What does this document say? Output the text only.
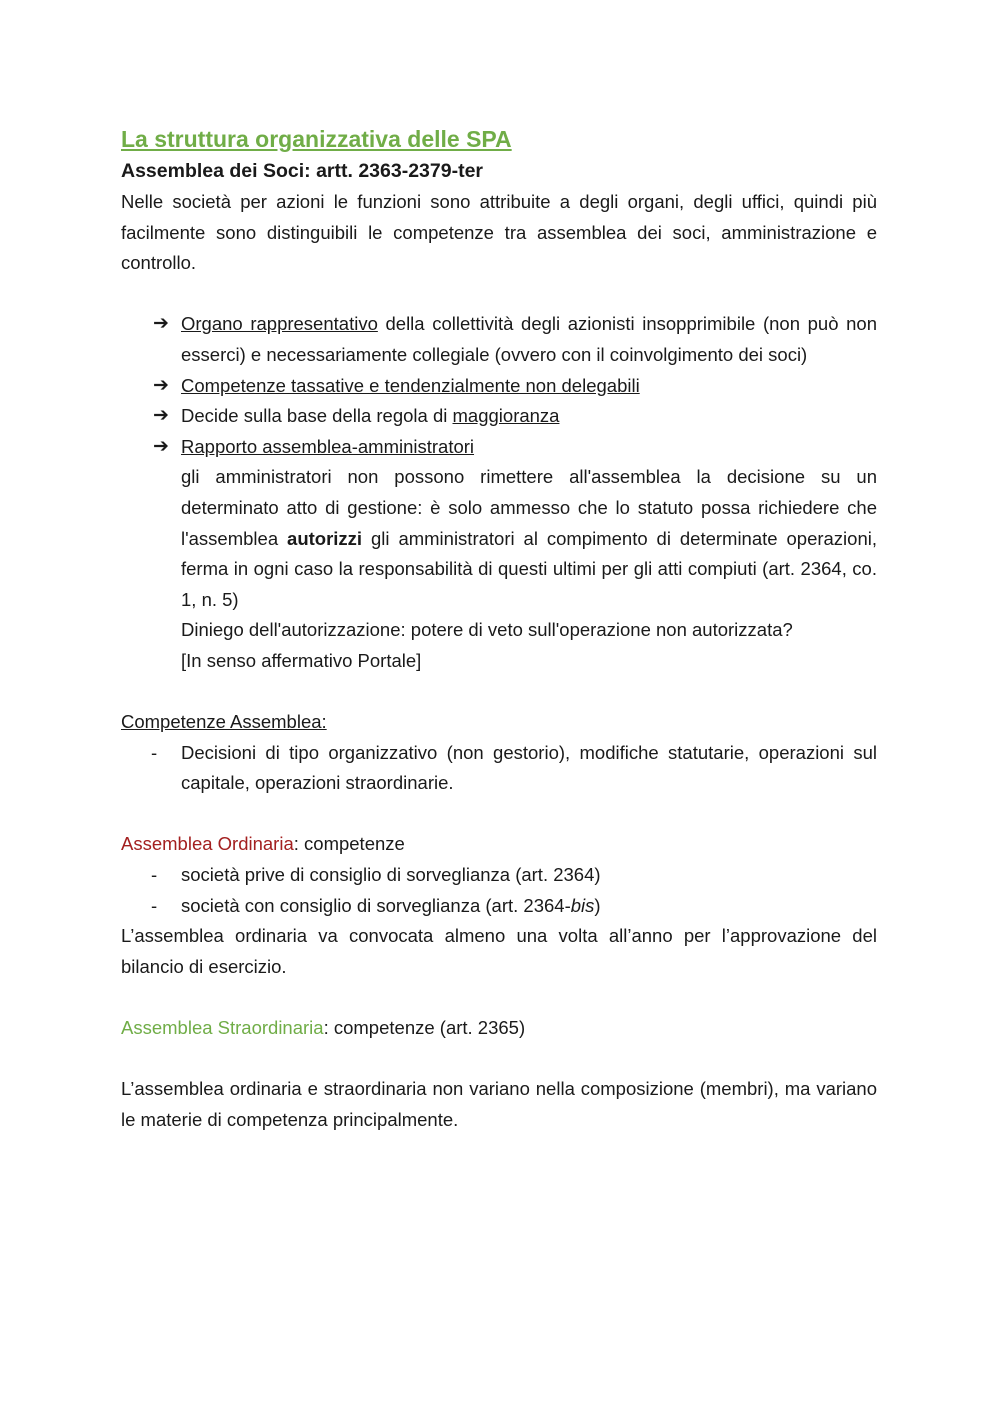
La struttura organizzativa delle SPA
Assemblea dei Soci: artt. 2363-2379-ter

Nelle società per azioni le funzioni sono attribuite a degli organi, degli uffici, quindi più facilmente sono distinguibili le competenze tra assemblea dei soci, amministrazione e controllo.

➔ Organo rappresentativo della collettività degli azionisti insopprimibile (non può non esserci) e necessariamente collegiale (ovvero con il coinvolgimento dei soci)
➔ Competenze tassative e tendenzialmente non delegabili
➔ Decide sulla base della regola di maggioranza
➔ Rapporto assemblea-amministratori

gli amministratori non possono rimettere all'assemblea la decisione su un determinato atto di gestione: è solo ammesso che lo statuto possa richiedere che l'assemblea autorizzi gli amministratori al compimento di determinate operazioni, ferma in ogni caso la responsabilità di questi ultimi per gli atti compiuti (art. 2364, co. 1, n. 5)

Diniego dell'autorizzazione: potere di veto sull'operazione non autorizzata?

[In senso affermativo Portale]

Competenze Assemblea:

- Decisioni di tipo organizzativo (non gestorio), modifiche statutarie, operazioni sul capitale, operazioni straordinarie.

Assemblea Ordinaria: competenze

- società prive di consiglio di sorveglianza (art. 2364)
- società con consiglio di sorveglianza (art. 2364-bis)

L’assemblea ordinaria va convocata almeno una volta all’anno per l’approvazione del bilancio di esercizio.

Assemblea Straordinaria: competenze (art. 2365)

L’assemblea ordinaria e straordinaria non variano nella composizione (membri), ma variano le materie di competenza principalmente.
